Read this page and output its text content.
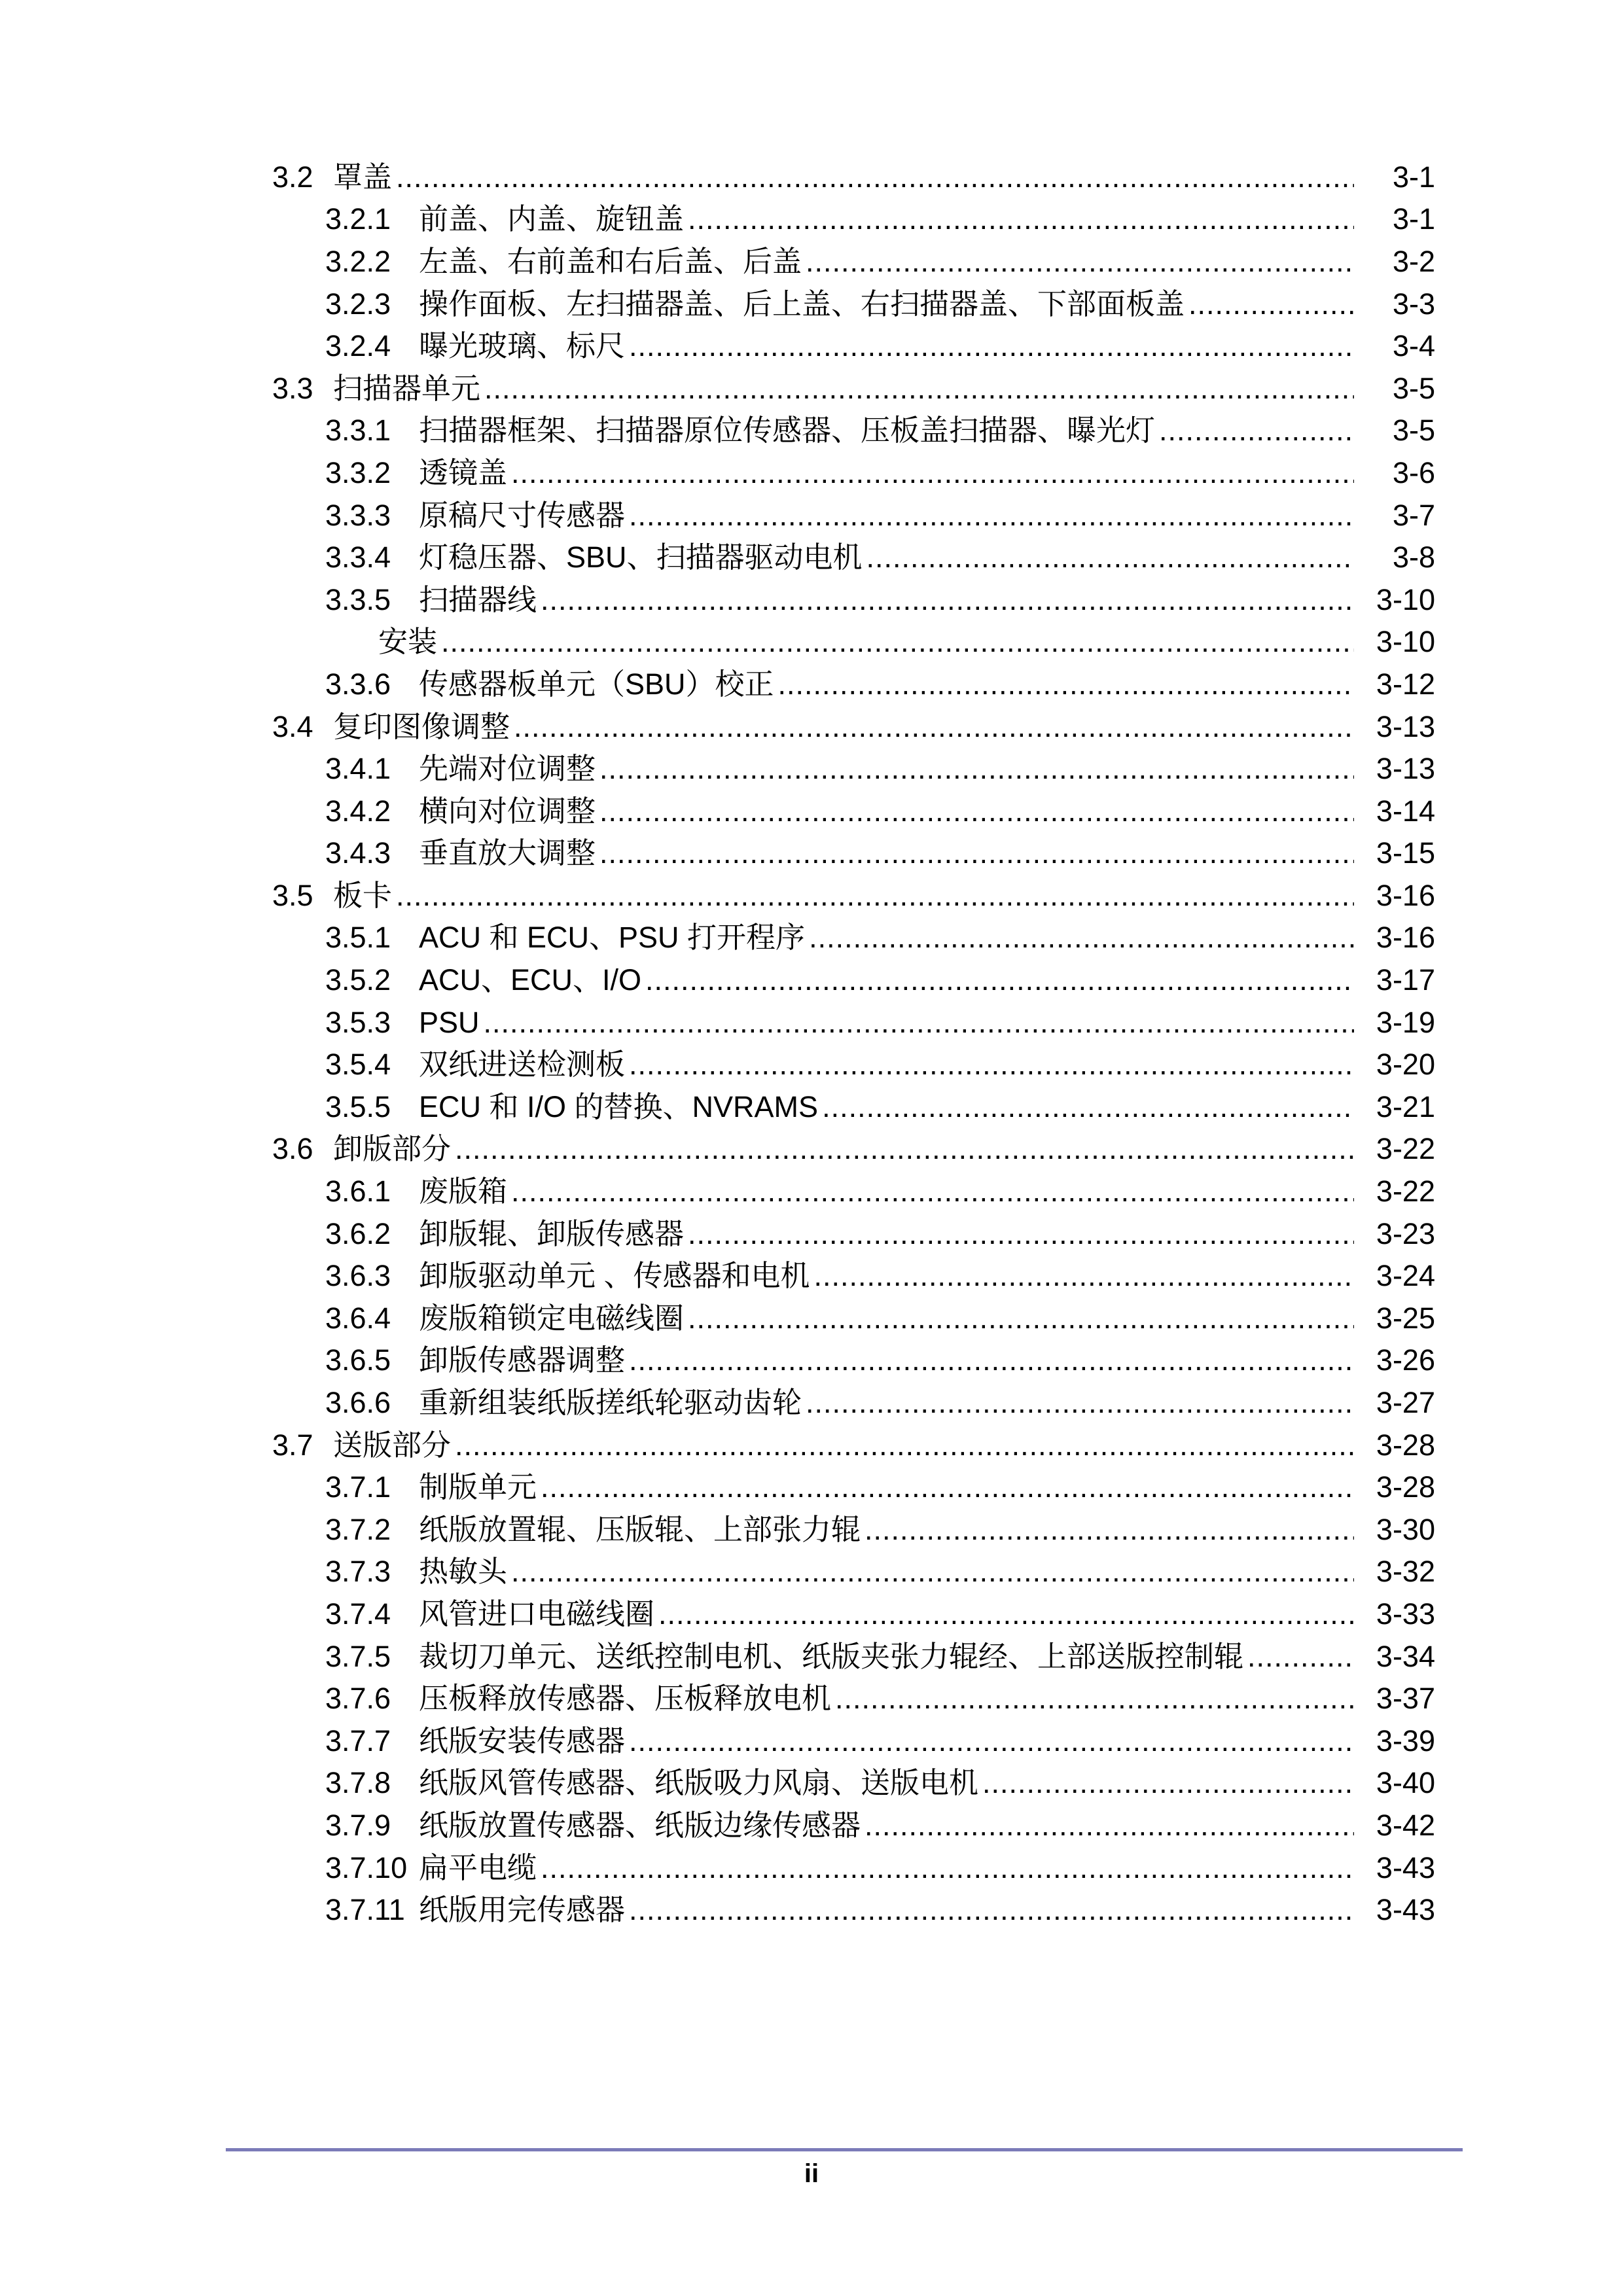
3.2 罩盖 .....	3-1
3.2.1 前盖、内盖、旋钮盖 .....	3-1
3.2.2 左盖、右前盖和右后盖、后盖 .....	3-2
3.2.3 操作面板、左扫描器盖、后上盖、右扫描器盖、下部面板盖 .....	3-3
3.2.4 曝光玻璃、标尺 .....	3-4
3.3 扫描器单元 .....	3-5
3.3.1 扫描器框架、扫描器原位传感器、压板盖扫描器、曝光灯 .....	3-5
3.3.2 透镜盖 .....	3-6
3.3.3 原稿尺寸传感器 .....	3-7
3.3.4 灯稳压器、SBU、扫描器驱动电机 .....	3-8
3.3.5 扫描器线 .....	3-10
安装 .....	3-10
3.3.6 传感器板单元（SBU）校正 .....	3-12
3.4 复印图像调整 .....	3-13
3.4.1 先端对位调整 .....	3-13
3.4.2 横向对位调整 .....	3-14
3.4.3 垂直放大调整 .....	3-15
3.5 板卡 .....	3-16
3.5.1 ACU 和 ECU、PSU 打开程序 .....	3-16
3.5.2 ACU、ECU、I/O .....	3-17
3.5.3 PSU .....	3-19
3.5.4 双纸进送检测板 .....	3-20
3.5.5 ECU 和 I/O 的替换、NVRAMS .....	3-21
3.6 卸版部分 .....	3-22
3.6.1 废版箱 .....	3-22
3.6.2 卸版辊、卸版传感器 .....	3-23
3.6.3 卸版驱动单元 、传感器和电机 .....	3-24
3.6.4 废版箱锁定电磁线圈 .....	3-25
3.6.5 卸版传感器调整 .....	3-26
3.6.6 重新组装纸版搓纸轮驱动齿轮 .....	3-27
3.7 送版部分 .....	3-28
3.7.1 制版单元 .....	3-28
3.7.2 纸版放置辊、压版辊、上部张力辊 .....	3-30
3.7.3 热敏头 .....	3-32
3.7.4 风管进口电磁线圈 .....	3-33
3.7.5 裁切刀单元、送纸控制电机、纸版夹张力辊经、上部送版控制辊 .....	3-34
3.7.6 压板释放传感器、压板释放电机 .....	3-37
3.7.7 纸版安装传感器 .....	3-39
3.7.8 纸版风管传感器、纸版吸力风扇、送版电机 .....	3-40
3.7.9 纸版放置传感器、纸版边缘传感器 .....	3-42
3.7.10 扁平电缆 .....	3-43
3.7.11 纸版用完传感器 .....	3-43
ii
